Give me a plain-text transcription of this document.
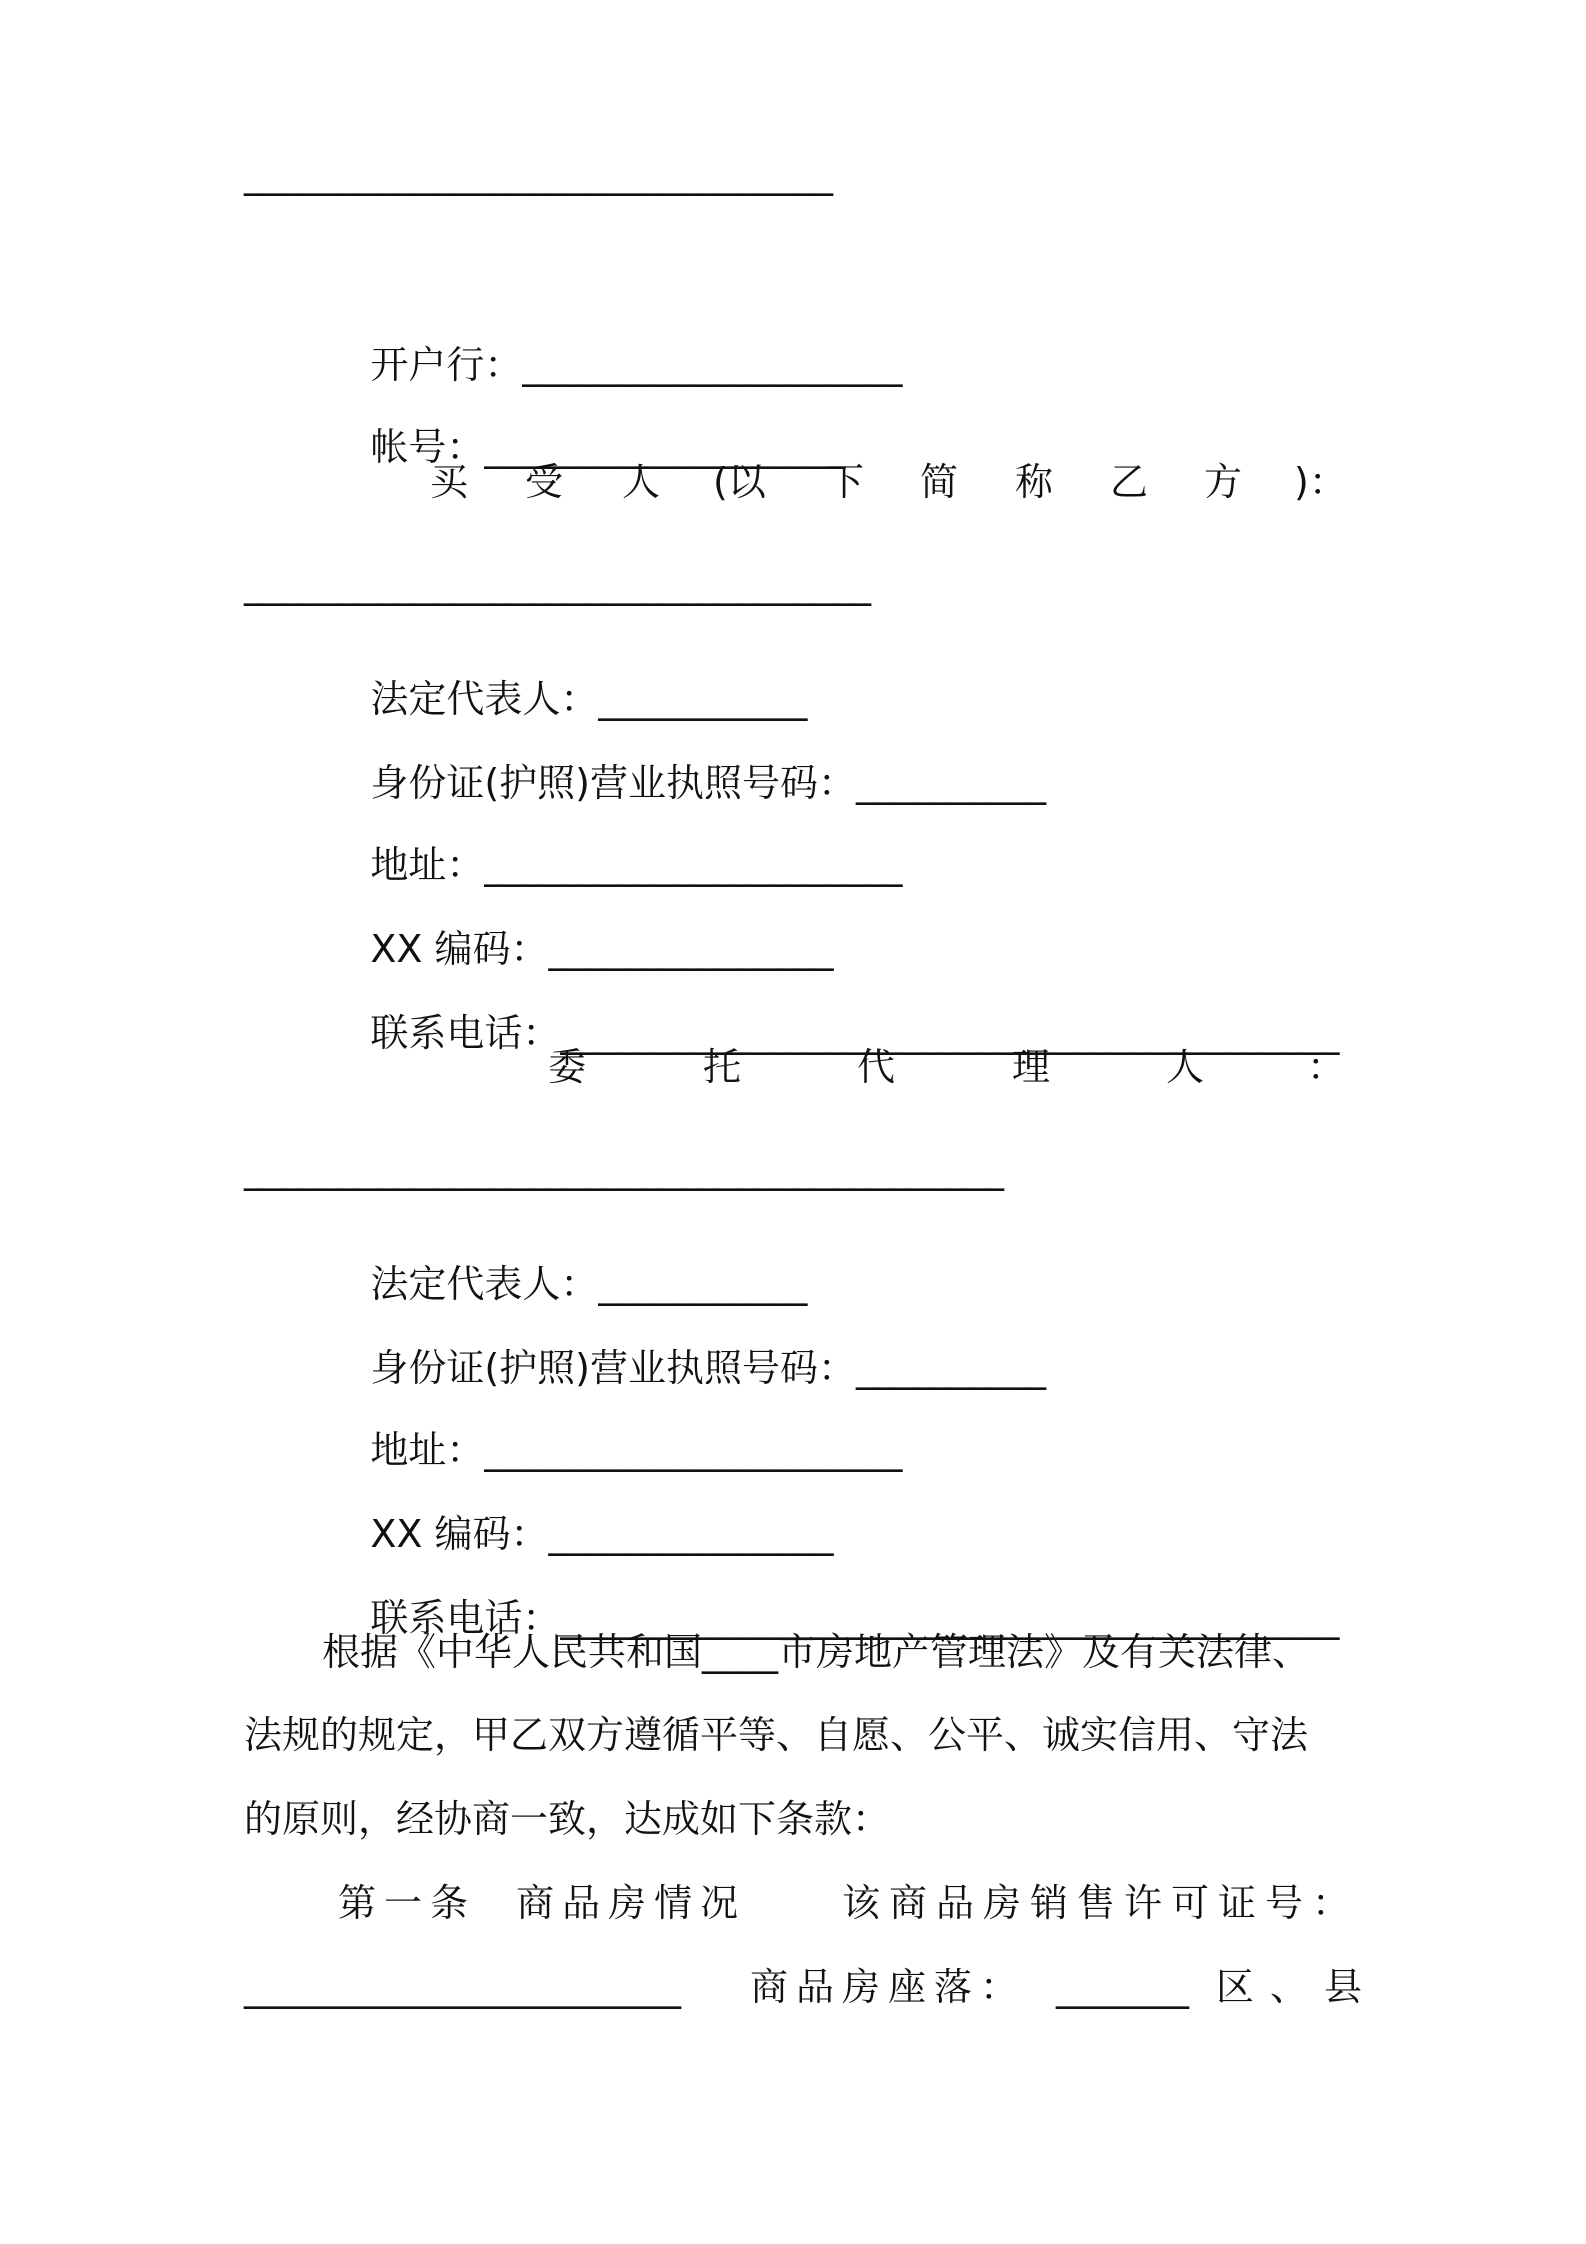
_______________________________

开户行：____________________

帐号：___________________

买

受

人

(以

下

简

称

乙

方

)：

_________________________________

法定代表人：___________

身份证(护照)营业执照号码：__________

地址：______________________

XX 编码：_______________

联系电话：_________________________________________

委

	托

	代

	理

	人

	：

________________________________________

法定代表人：___________

身份证(护照)营业执照号码：__________

地址：______________________

XX 编码：_______________

联系电话：_________________________________________

根据《中华人民共和国____市房地产管理法》及有关法律、
法规的规定，甲乙双方遵循平等、自愿、公平、诚实信用、守法
的原则，经协商一致，达成如下条款：
第一条  商品房情况	该商品房销售许可证号：
_______________________ 商品房座落： _______ 区、县
